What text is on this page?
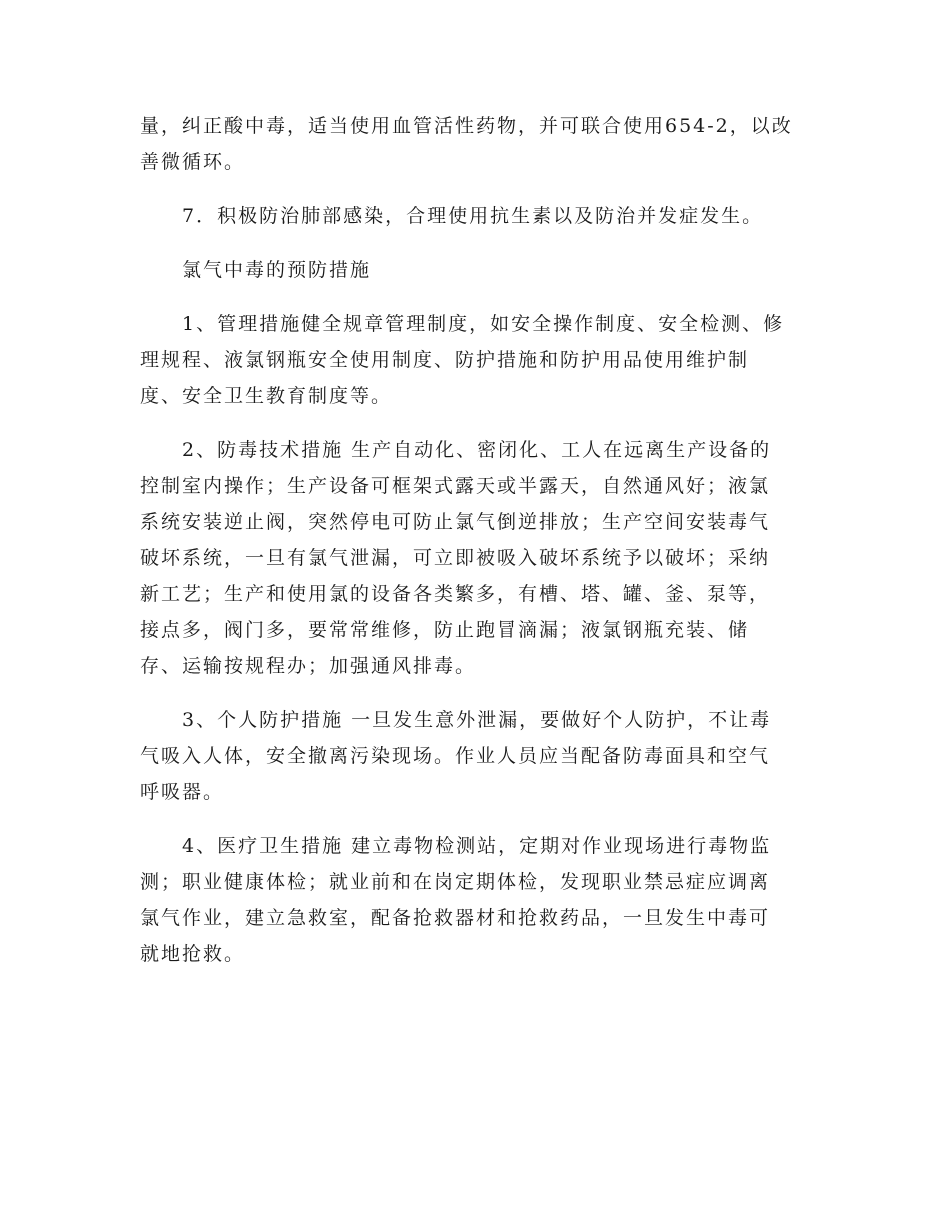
量，纠正酸中毒，适当使用血管活性药物，并可联合使用654-2，以改
善微循环。
7．积极防治肺部感染，合理使用抗生素以及防治并发症发生。
氯气中毒的预防措施
1、管理措施健全规章管理制度，如安全操作制度、安全检测、修
理规程、液氯钢瓶安全使用制度、防护措施和防护用品使用维护制
度、安全卫生教育制度等。
2、防毒技术措施 生产自动化、密闭化、工人在远离生产设备的
控制室内操作；生产设备可框架式露天或半露天，自然通风好；液氯
系统安装逆止阀，突然停电可防止氯气倒逆排放；生产空间安装毒气
破坏系统，一旦有氯气泄漏，可立即被吸入破坏系统予以破坏；采纳
新工艺；生产和使用氯的设备各类繁多，有槽、塔、罐、釜、泵等，
接点多，阀门多，要常常维修，防止跑冒滴漏；液氯钢瓶充装、储
存、运输按规程办；加强通风排毒。
3、个人防护措施 一旦发生意外泄漏，要做好个人防护，不让毒
气吸入人体，安全撤离污染现场。作业人员应当配备防毒面具和空气
呼吸器。
4、医疗卫生措施 建立毒物检测站，定期对作业现场进行毒物监
测；职业健康体检；就业前和在岗定期体检，发现职业禁忌症应调离
氯气作业，建立急救室，配备抢救器材和抢救药品，一旦发生中毒可
就地抢救。
